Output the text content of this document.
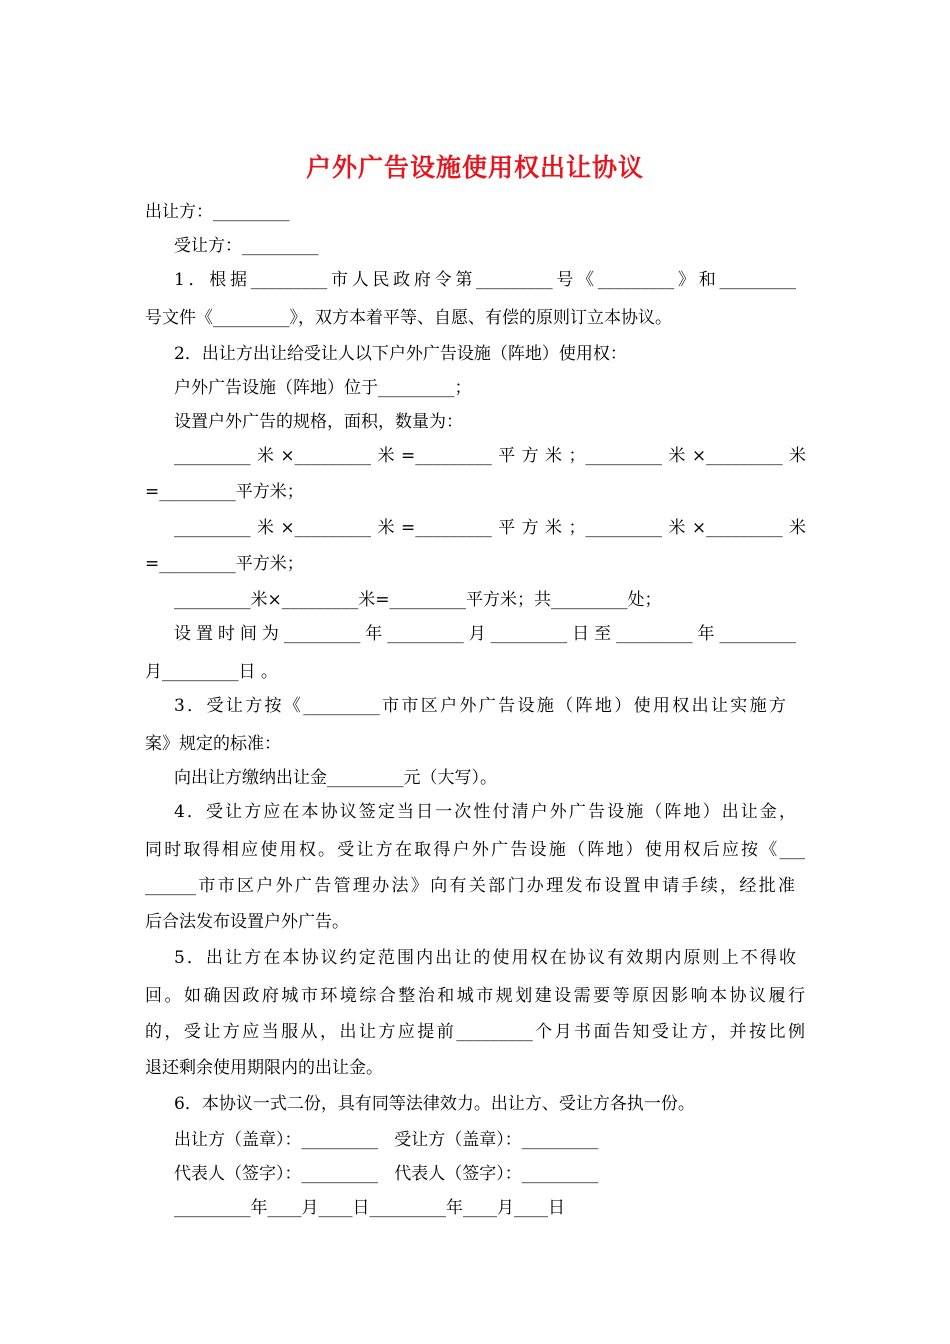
户外广告设施使用权出让协议
出让方：_________
受让方：_________
1．根据_________市人民政府令第_________号《_________》和_________
号文件《_________》，双方本着平等、自愿、有偿的原则订立本协议。
2．出让方出让给受让人以下户外广告设施（阵地）使用权：
户外广告设施（阵地）位于_________；
设置户外广告的规格，面积，数量为：
_________米×_________米=_________平方米；_________米×_________米
=_________平方米；
_________米×_________米=_________平方米；_________米×_________米
=_________平方米；
_________米×_________米=_________平方米；共_________处；
设置时间为_________年_________月_________日至_________年_________
月_________日 。
3．受让方按《_________市市区户外广告设施（阵地）使用权出让实施方
案》规定的标准：
向出让方缴纳出让金_________元（大写）。
4．受让方应在本协议签定当日一次性付清户外广告设施（阵地）出让金，
同时取得相应使用权。受让方在取得户外广告设施（阵地）使用权后应按《___
______市市区户外广告管理办法》向有关部门办理发布设置申请手续，经批准
后合法发布设置户外广告。
5．出让方在本协议约定范围内出让的使用权在协议有效期内原则上不得收
回。如确因政府城市环境综合整治和城市规划建设需要等原因影响本协议履行
的，受让方应当服从，出让方应提前_________个月书面告知受让方，并按比例
退还剩余使用期限内的出让金。
6．本协议一式二份，具有同等法律效力。出让方、受让方各执一份。
出让方（盖章）：_________   受让方（盖章）：_________
代表人（签字）：_________   代表人（签字）：_________
_________年____月____日_________年____月____日
